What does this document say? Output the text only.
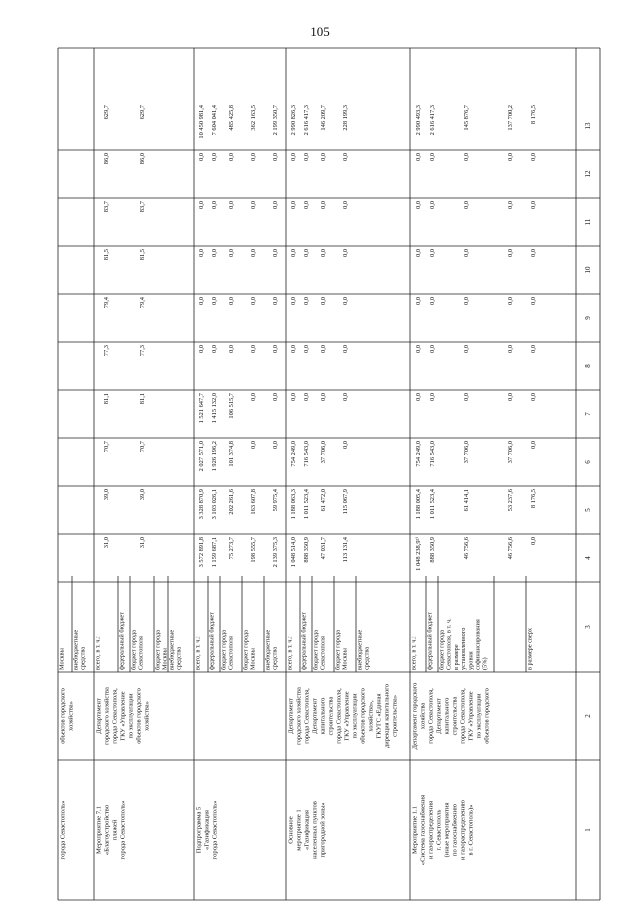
105
1
2
3
4
5
6
7
8
9
10
11
12
13
города Севастополь»
объектов городского хозяйства»
Москвы внебюджетные средства
Мероприятие 7.1 «Благоустройство пляжей города Севастополь»
Департамент городского хозяйства города Севастополя, ГКУ «Управление по эксплуатации объектов городского хозяйства»
всего, в т. ч.:
31,0
39,0
70,7
81,1
77,3
79,4
81,5
83,7
86,0
629,7
федеральный бюджет бюджет города Севастополя
31,0
39,0
70,7
81,1
77,3
79,4
81,5
83,7
86,0
629,7
бюджет города Москвы внебюджетные средства
Подпрограмма 5 «Газификация города Севастополь»
всего, в т. ч.:
3 572 891,8
3 328 870,9
2 027 571,0
1 521 647,7
0,0
0,0
0,0
0,0
0,0
10 450 981,4
федеральный бюджет
1 159 687,1
3 103 026,1
1 926 196,2
1 415 132,0
0,0
0,0
0,0
0,0
0,0
7 604 041,4
бюджет города Севастополя
75 273,7
202 261,6
101 374,8
106 515,7
0,0
0,0
0,0
0,0
0,0
485 425,8
бюджет города Москвы
198 555,7
163 607,8
0,0
0,0
0,0
0,0
0,0
0,0
0,0
362 163,5
внебюджетные средства
2 139 375,3
59 975,4
0,0
0,0
0,0
0,0
0,0
0,0
0,0
2 199 350,7
Основное мероприятие 1 «Газификация населенных пунктов пригородной зоны»
Департамент городского хозяйства города Севастополя, Департамент капитального строительства города Севастополя, ГКУ «Управление по эксплуатации объектов городского хозяйства», ГКУГС «Единая дирекция капитального строительства»
всего, в т. ч.:
1 048 514,0
1 188 063,3
754 249,0
0,0
0,0
0,0
0,0
0,0
0,0
2 990 826,3
федеральный бюджет
888 350,9
1 011 523,4
716 543,0
0,0
0,0
0,0
0,0
0,0
0,0
2 616 417,3
бюджет города Севастополя
47 031,7
61 472,0
37 706,0
0,0
0,0
0,0
0,0
0,0
0,0
146 209,7
бюджет города Москвы
113 131,4
115 067,9
0,0
0,0
0,0
0,0
0,0
0,0
0,0
228 199,3
внебюджетные средства
Мероприятие 1.1 «Система газоснабжения и газораспределения г. Севастополь (иные мероприятия по газоснабжению и газораспределению в г. Севастополь)»
Департамент городского хозяйства города Севастополя, Департамент капитального строительства города Севастополя, ГКУ «Управление по эксплуатации объектов городского
всего, в т. ч.:
1 048 238,9²⁾
1 188 005,4
754 249,0
0,0
0,0
0,0
0,0
0,0
0,0
2 990 493,3
федеральный бюджет
888 350,9
1 011 523,4
716 543,0
0,0
0,0
0,0
0,0
0,0
0,0
2 616 417,3
бюджет города Севастополя, в т. ч. в размере установленного уровня софинансирования (5%)
46 756,6
61 414,1
37 706,0
0,0
0,0
0,0
0,0
0,0
0,0
145 876,7
46 756,6
53 237,6
37 706,0
0,0
0,0
0,0
0,0
0,0
0,0
137 700,2
в размере сверх
0,0
8 176,5
0,0
0,0
0,0
0,0
0,0
0,0
0,0
8 176,5
